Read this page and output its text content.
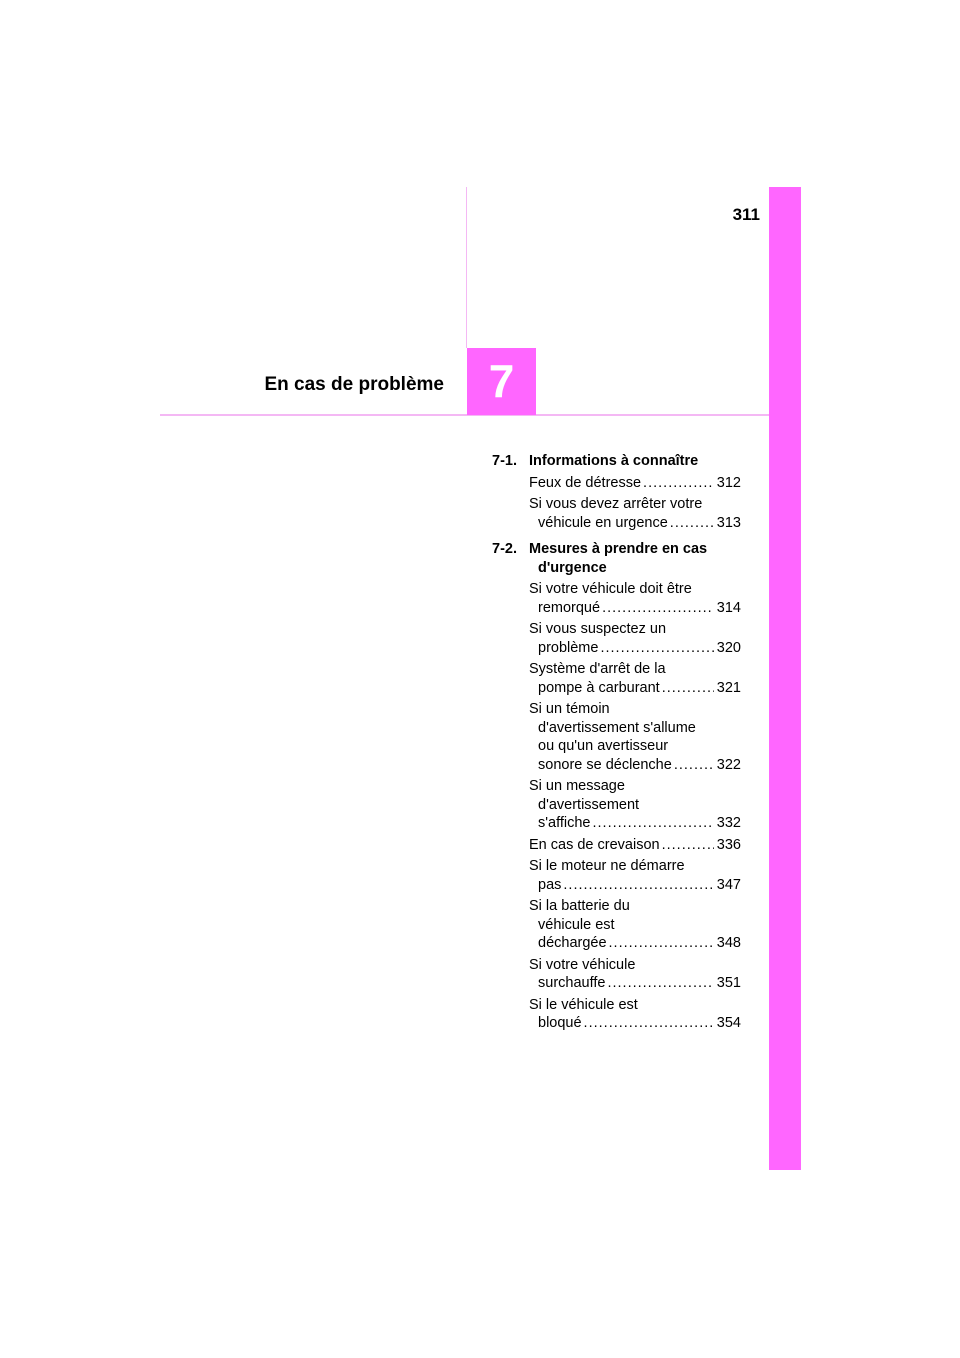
311
En cas de problème 7
7-1. Informations à connaître
Feux de détresse .....	312
Si vous devez arrêter votre
véhicule en urgence .....	313
7-2. Mesures à prendre en cas
d'urgence
Si votre véhicule doit être
remorqué .....	314
Si vous suspectez un
problème .....	320
Système d'arrêt de la
pompe à carburant .....	321
Si un témoin
d'avertissement s'allume
ou qu'un avertisseur
sonore se déclenche .....	322
Si un message
d'avertissement
s'affiche .....	332
En cas de crevaison .....	336
Si le moteur ne démarre
pas .....	347
Si la batterie du
véhicule est
déchargée .....	348
Si votre véhicule
surchauffe .....	351
Si le véhicule est
bloqué .....	354
